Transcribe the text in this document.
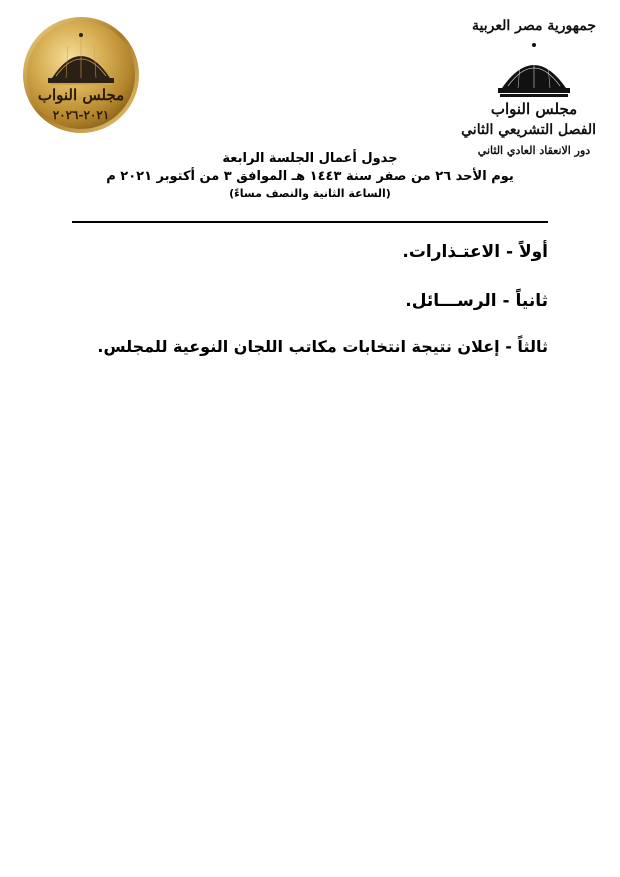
مجلس النواب
٢٠٢١-٢٠٢٦
جمهورية مصر العربية
مجلس النواب
الفصل التشريعي الثاني
دور الانعقاد العادي الثاني
جدول أعمال الجلسة الرابعة
يوم الأحد ٢٦ من صفر سنة ١٤٤٣ هـ الموافق ٣ من أكتوبر ٢٠٢١ م
(الساعة الثانية والنصف مساءً)
أولاً - الاعتـذارات.
ثانياً - الرســـائل.
ثالثاً - إعلان نتيجة انتخابات مكاتب اللجان النوعية للمجلس.
